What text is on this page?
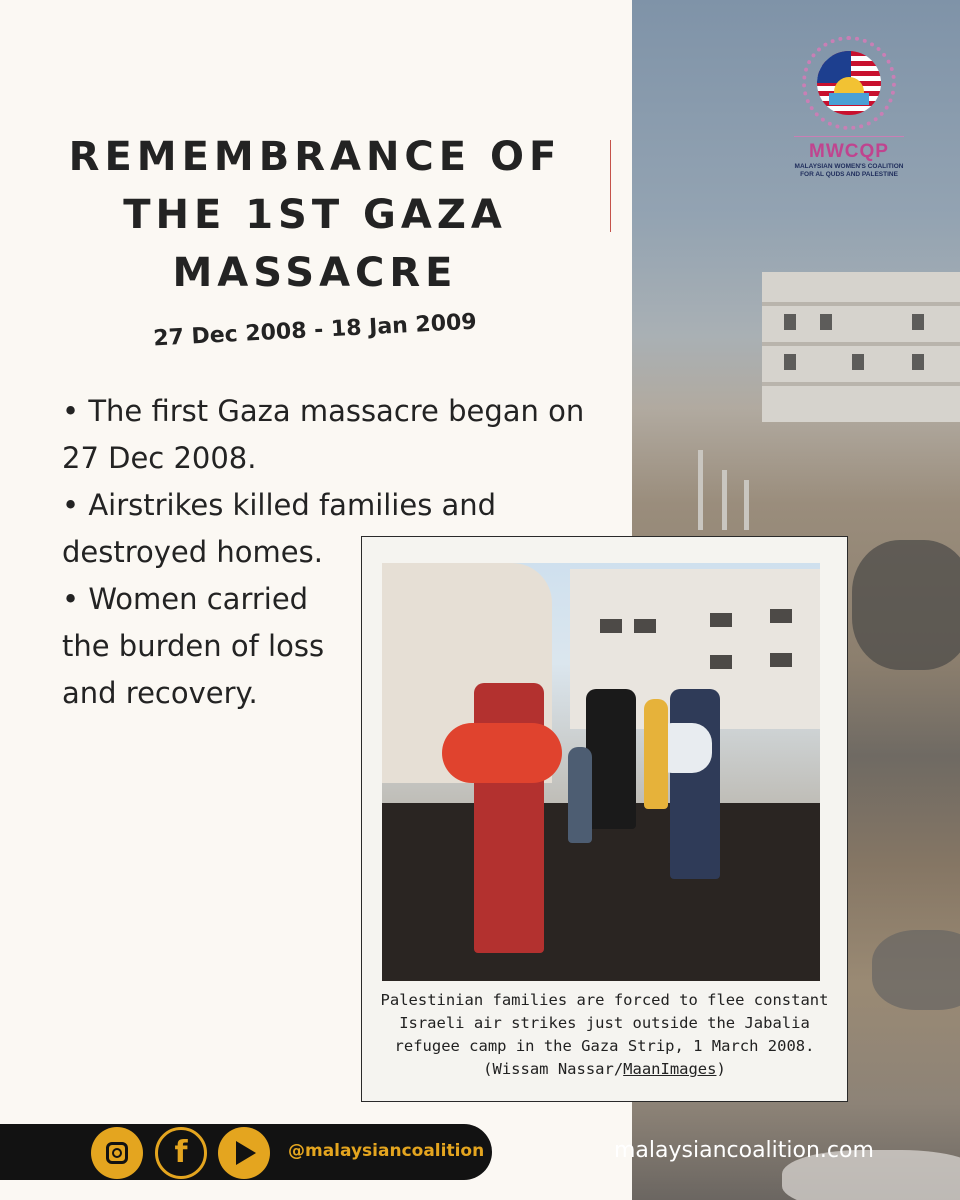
MWCQP
MALAYSIAN WOMEN'S COALITION
FOR AL QUDS AND PALESTINE
REMEMBRANCE OF THE 1ST GAZA MASSACRE
27 Dec 2008 - 18 Jan 2009
• The first Gaza massacre began on 27 Dec 2008.
• Airstrikes killed families and destroyed homes.
• Women carried the burden of loss and recovery.

Palestinian families are forced to flee constant Israeli air strikes just outside the Jabalia refugee camp in the Gaza Strip, 1 March 2008. (Wissam Nassar/MaanImages)

f	@malaysiancoalition	malaysiancoalition.com
